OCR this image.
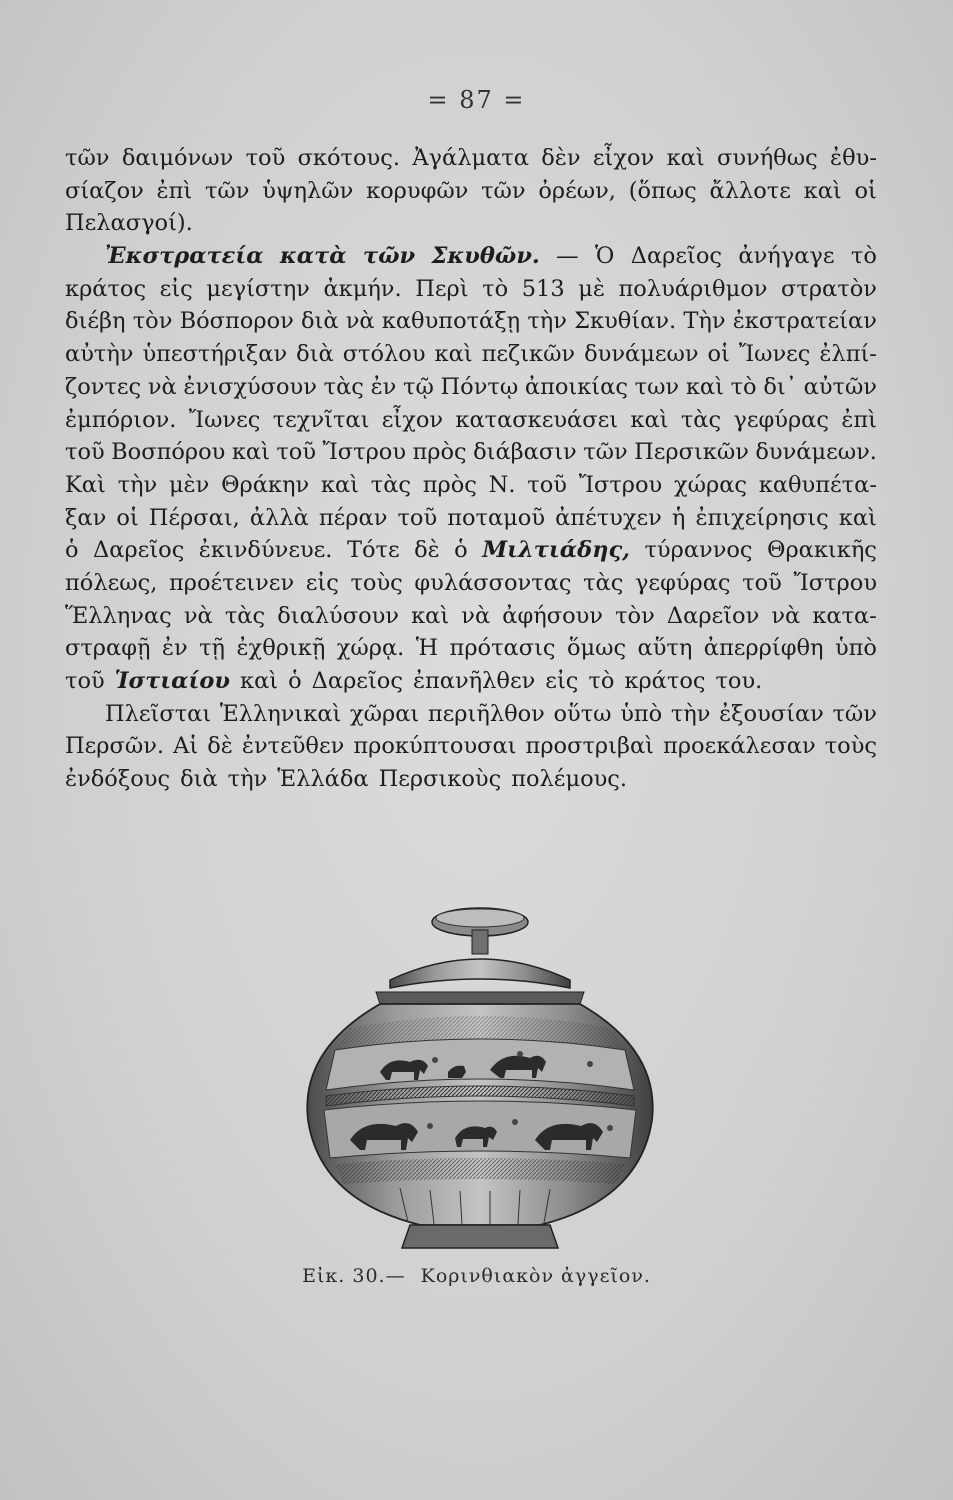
= 87 =
τῶν δαιμόνων τοῦ σκότους. Ἀγάλματα δὲν εἶχον καὶ συνήθως ἐθυ-
σίαζον ἐπὶ τῶν ὑψηλῶν κορυφῶν τῶν ὀρέων, (ὅπως ἄλλοτε καὶ οἱ
Πελασγοί).
Ἐκστρατεία κατὰ τῶν Σκυθῶν. — Ὁ Δαρεῖος ἀνήγαγε τὸ
κράτος εἰς μεγίστην ἀκμήν. Περὶ τὸ 513 μὲ πολυάριθμον στρατὸν
διέβη τὸν Βόσπορον διὰ νὰ καθυποτάξῃ τὴν Σκυθίαν. Τὴν ἐκστρατείαν
αὐτὴν ὑπεστήριξαν διὰ στόλου καὶ πεζικῶν δυνάμεων οἱ Ἴωνες ἐλπί-
ζοντες νὰ ἐνισχύσουν τὰς ἐν τῷ Πόντῳ ἀποικίας των καὶ τὸ δι᾿ αὐτῶν
ἐμπόριον. Ἴωνες τεχνῖται εἶχον κατασκευάσει καὶ τὰς γεφύρας ἐπὶ
τοῦ Βοσπόρου καὶ τοῦ Ἴστρου πρὸς διάβασιν τῶν Περσικῶν δυνάμεων.
Καὶ τὴν μὲν Θράκην καὶ τὰς πρὸς Ν. τοῦ Ἴστρου χώρας καθυπέτα-
ξαν οἱ Πέρσαι, ἀλλὰ πέραν τοῦ ποταμοῦ ἀπέτυχεν ἡ ἐπιχείρησις καὶ
ὁ Δαρεῖος ἐκινδύνευε. Τότε δὲ ὁ Μιλτιάδης, τύραννος Θρακικῆς
πόλεως, προέτεινεν εἰς τοὺς φυλάσσοντας τὰς γεφύρας τοῦ Ἴστρου
Ἕλληνας νὰ τὰς διαλύσουν καὶ νὰ ἀφήσουν τὸν Δαρεῖον νὰ κατα-
στραφῇ ἐν τῇ ἐχθρικῇ χώρᾳ. Ἡ πρότασις ὅμως αὕτη ἀπερρίφθη ὑπὸ
τοῦ Ἱστιαίου καὶ ὁ Δαρεῖος ἐπανῆλθεν εἰς τὸ κράτος του.
Πλεῖσται Ἑλληνικαὶ χῶραι περιῆλθον οὕτω ὑπὸ τὴν ἐξουσίαν τῶν
Περσῶν. Αἱ δὲ ἐντεῦθεν προκύπτουσαι προστριβαὶ προεκάλεσαν τοὺς
ἐνδόξους διὰ τὴν Ἑλλάδα Περσικοὺς πολέμους.
Εἰκ. 30.— Κορινθιακὸν ἀγγεῖον.
